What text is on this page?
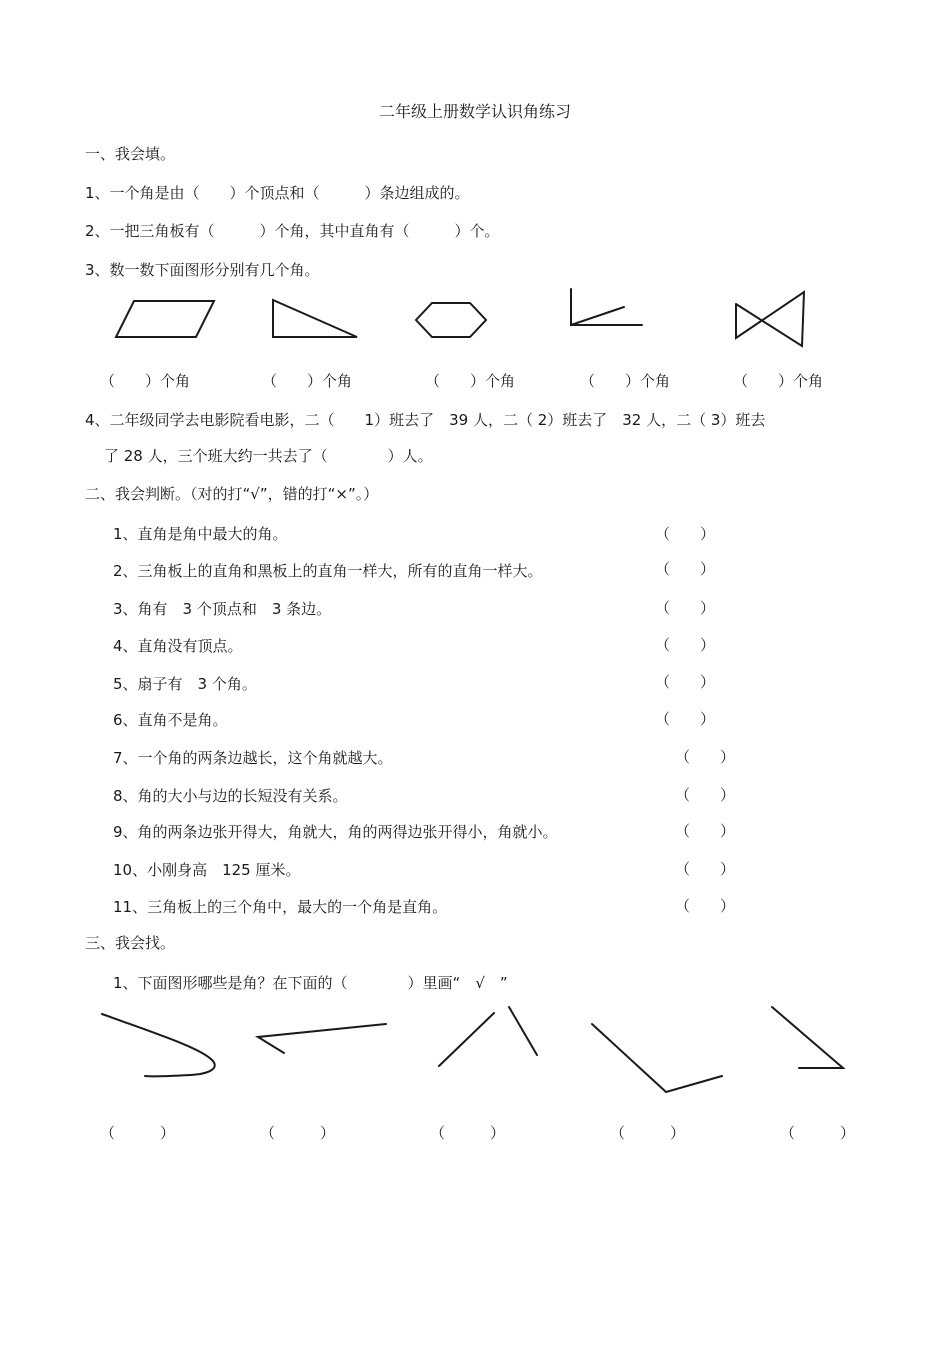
二年级上册数学认识角练习
一、我会填。
1、一个角是由（　　）个顶点和（　　　）条边组成的。
2、一把三角板有（　　　）个角，其中直角有（　　　）个。
3、数一数下面图形分别有几个角。
（　　）个角	（　　）个角	（　　）个角	（　　）个角	（　　）个角
4、二年级同学去电影院看电影，二（　　1）班去了　39 人，二（ 2）班去了　32 人，二（ 3）班去
了 28 人，三个班大约一共去了（　　　　）人。
二、我会判断。（对的打“√”，错的打“×”。）
1、直角是角中最大的角。	（　　）
2、三角板上的直角和黑板上的直角一样大，所有的直角一样大。	（　　）
3、角有　3 个顶点和　3 条边。	（　　）
4、直角没有顶点。	（　　）
5、扇子有　3 个角。	（　　）
6、直角不是角。	（　　）
7、一个角的两条边越长，这个角就越大。	（　　）
8、角的大小与边的长短没有关系。	（　　）
9、角的两条边张开得大，角就大，角的两得边张开得小，角就小。	（　　）
10、小刚身高　125 厘米。	（　　）
11、三角板上的三个角中，最大的一个角是直角。	（　　）
三、我会找。
1、下面图形哪些是角？在下面的（　　　　）里画“　√　”
（　　　）	（　　　）	（　　　）	（　　　）	（　　　）
